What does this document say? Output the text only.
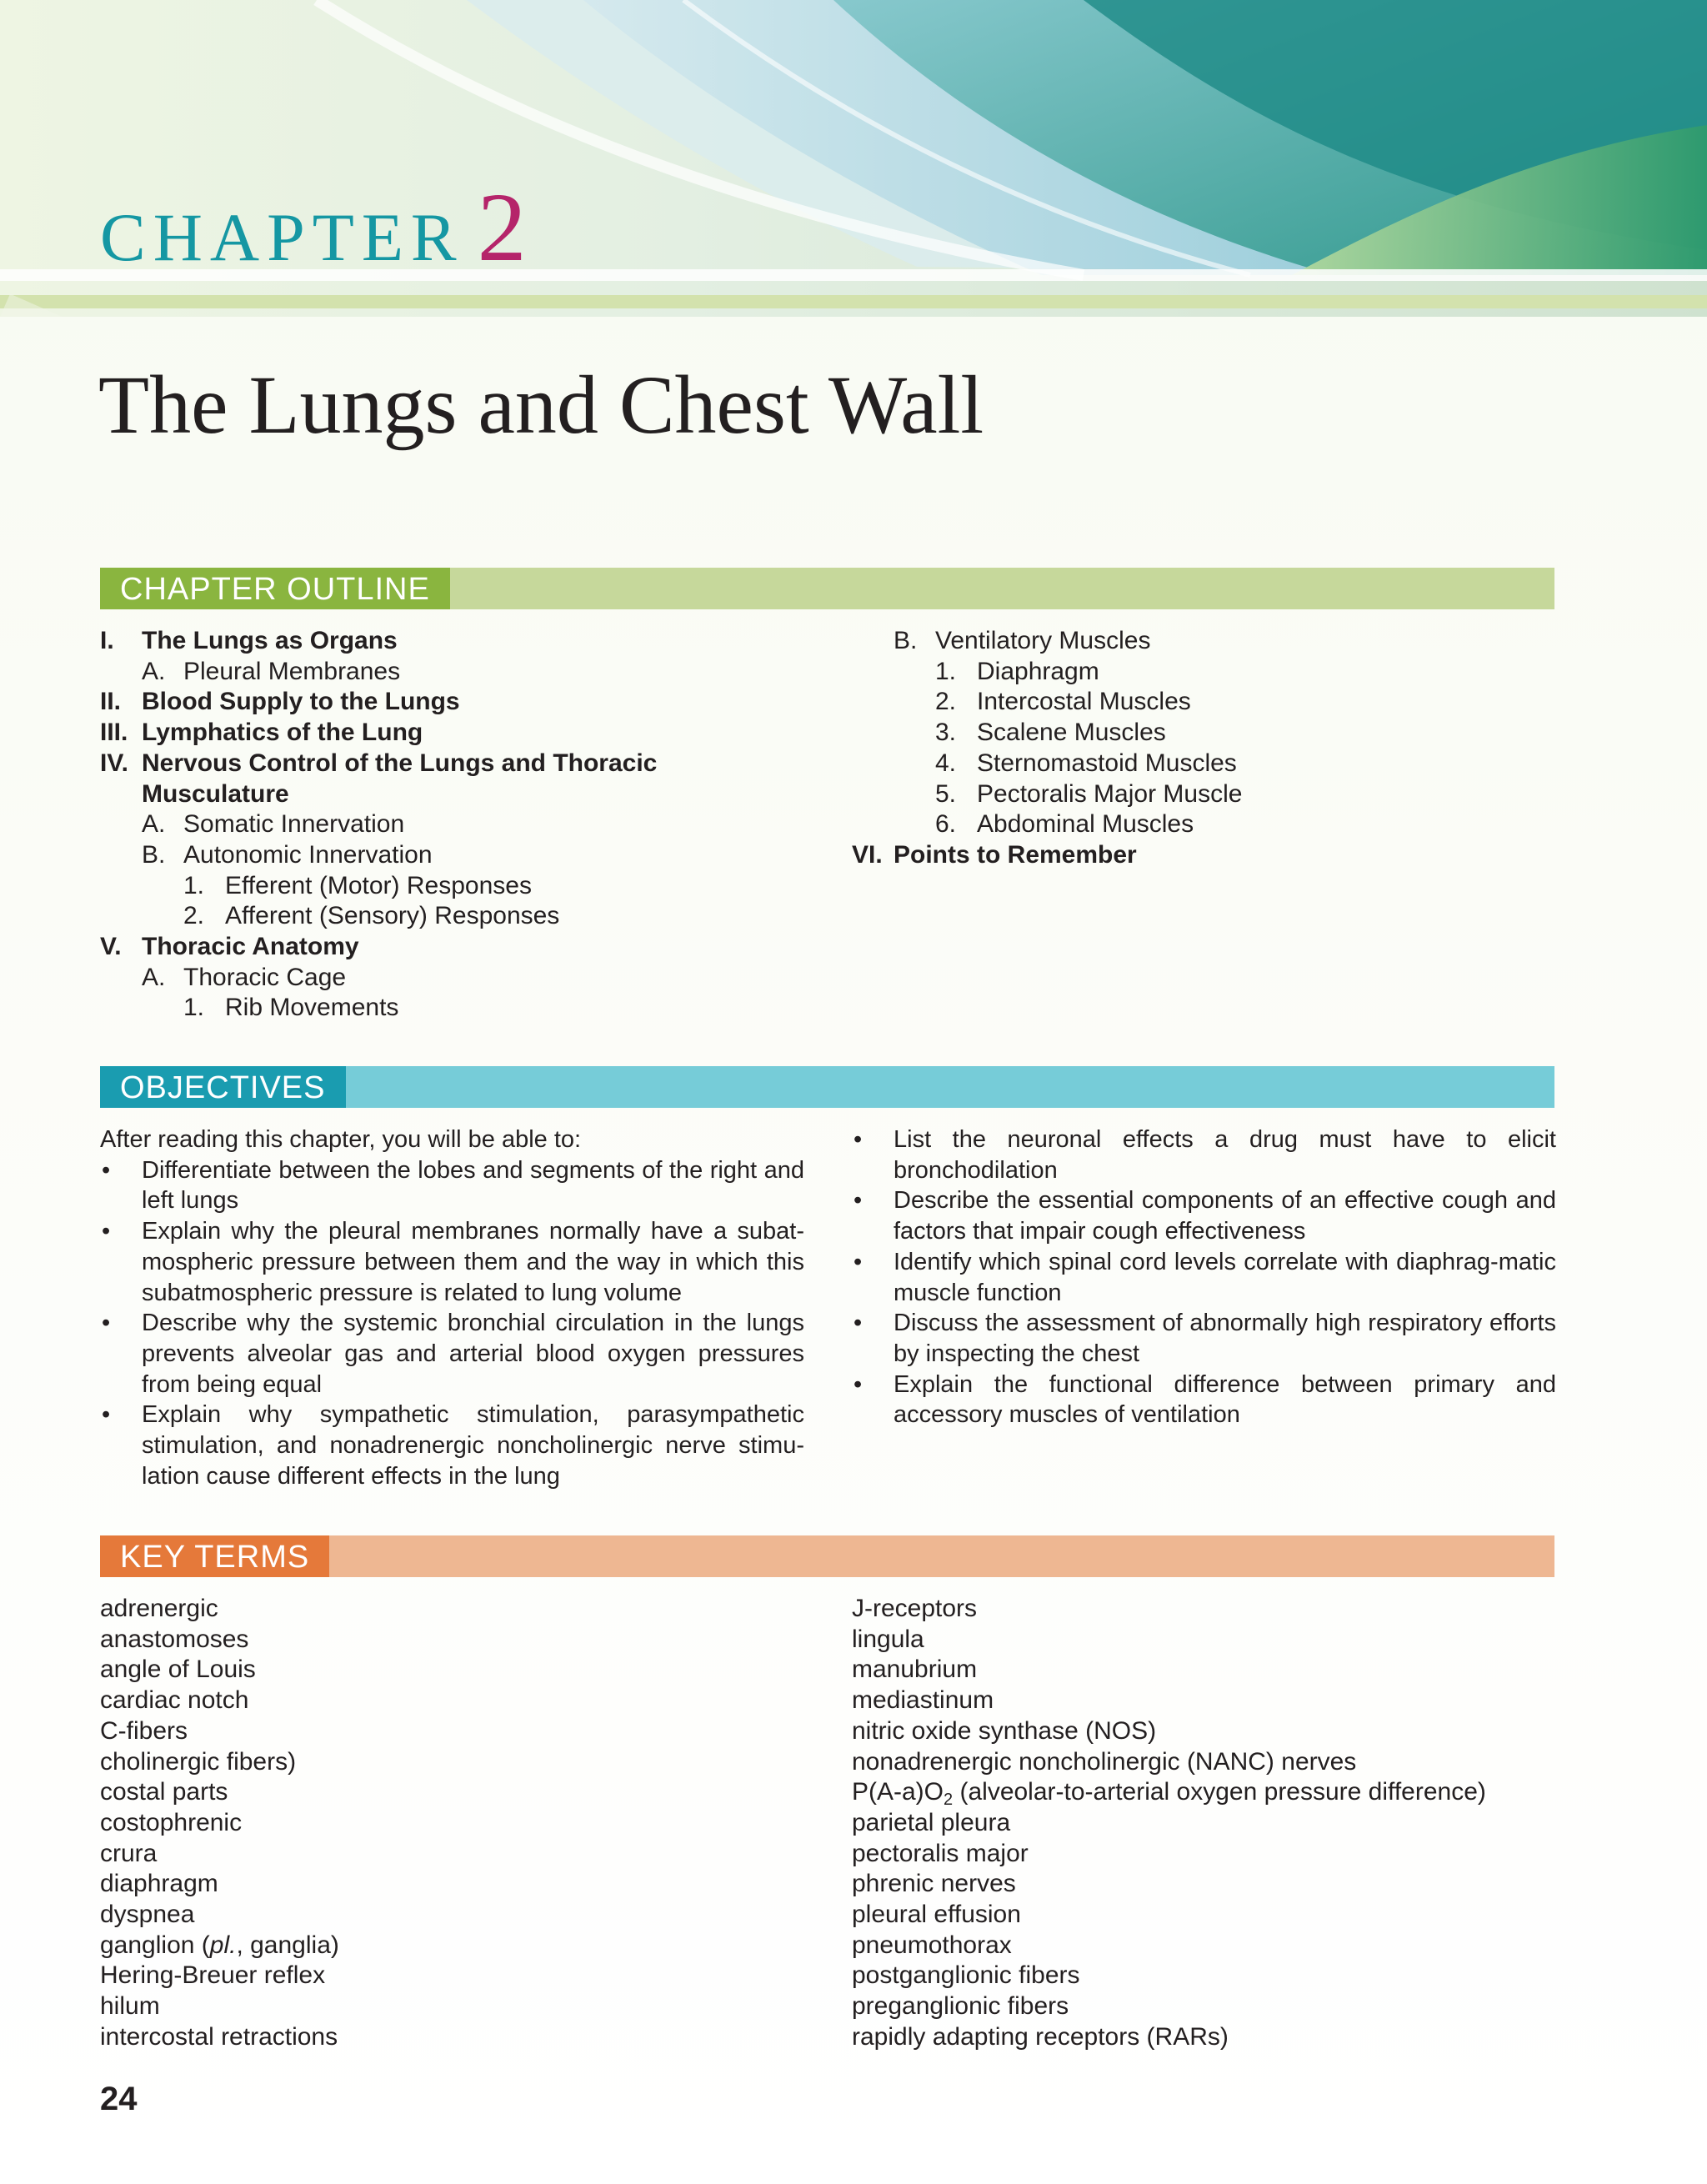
CHAPTER 2
The Lungs and Chest Wall
CHAPTER OUTLINE
I. The Lungs as Organs
A. Pleural Membranes
II. Blood Supply to the Lungs
III. Lymphatics of the Lung
IV. Nervous Control of the Lungs and Thoracic
Musculature
A. Somatic Innervation
B. Autonomic Innervation
1. Efferent (Motor) Responses
2. Afferent (Sensory) Responses
V. Thoracic Anatomy
A. Thoracic Cage
1. Rib Movements
B. Ventilatory Muscles
1. Diaphragm
2. Intercostal Muscles
3. Scalene Muscles
4. Sternomastoid Muscles
5. Pectoralis Major Muscle
6. Abdominal Muscles
VI. Points to Remember
OBJECTIVES

After reading this chapter, you will be able to:

• Differentiate between the lobes and segments of the right and left lungs
• Explain why the pleural membranes normally have a subat-mospheric pressure between them and the way in which this subatmospheric pressure is related to lung volume
• Describe why the systemic bronchial circulation in the lungs prevents alveolar gas and arterial blood oxygen pressures from being equal
• Explain why sympathetic stimulation, parasympathetic stimulation, and nonadrenergic noncholinergic nerve stimu-lation cause different effects in the lung
• List the neuronal effects a drug must have to elicit bronchodilation
• Describe the essential components of an effective cough and factors that impair cough effectiveness
• Identify which spinal cord levels correlate with diaphrag-matic muscle function
• Discuss the assessment of abnormally high respiratory efforts by inspecting the chest
• Explain the functional difference between primary and accessory muscles of ventilation
KEY TERMS
adrenergic
anastomoses
angle of Louis
cardiac notch
C-fibers
cholinergic fibers)
costal parts
costophrenic
crura
diaphragm
dyspnea
ganglion (pl., ganglia)
Hering-Breuer reflex
hilum
intercostal retractions
J-receptors
lingula
manubrium
mediastinum
nitric oxide synthase (NOS)
nonadrenergic noncholinergic (NANC) nerves
$P(A-a)O_2$ (alveolar-to-arterial oxygen pressure difference)
parietal pleura
pectoralis major
phrenic nerves
pleural effusion
pneumothorax
postganglionic fibers
preganglionic fibers
rapidly adapting receptors (RARs)
24
